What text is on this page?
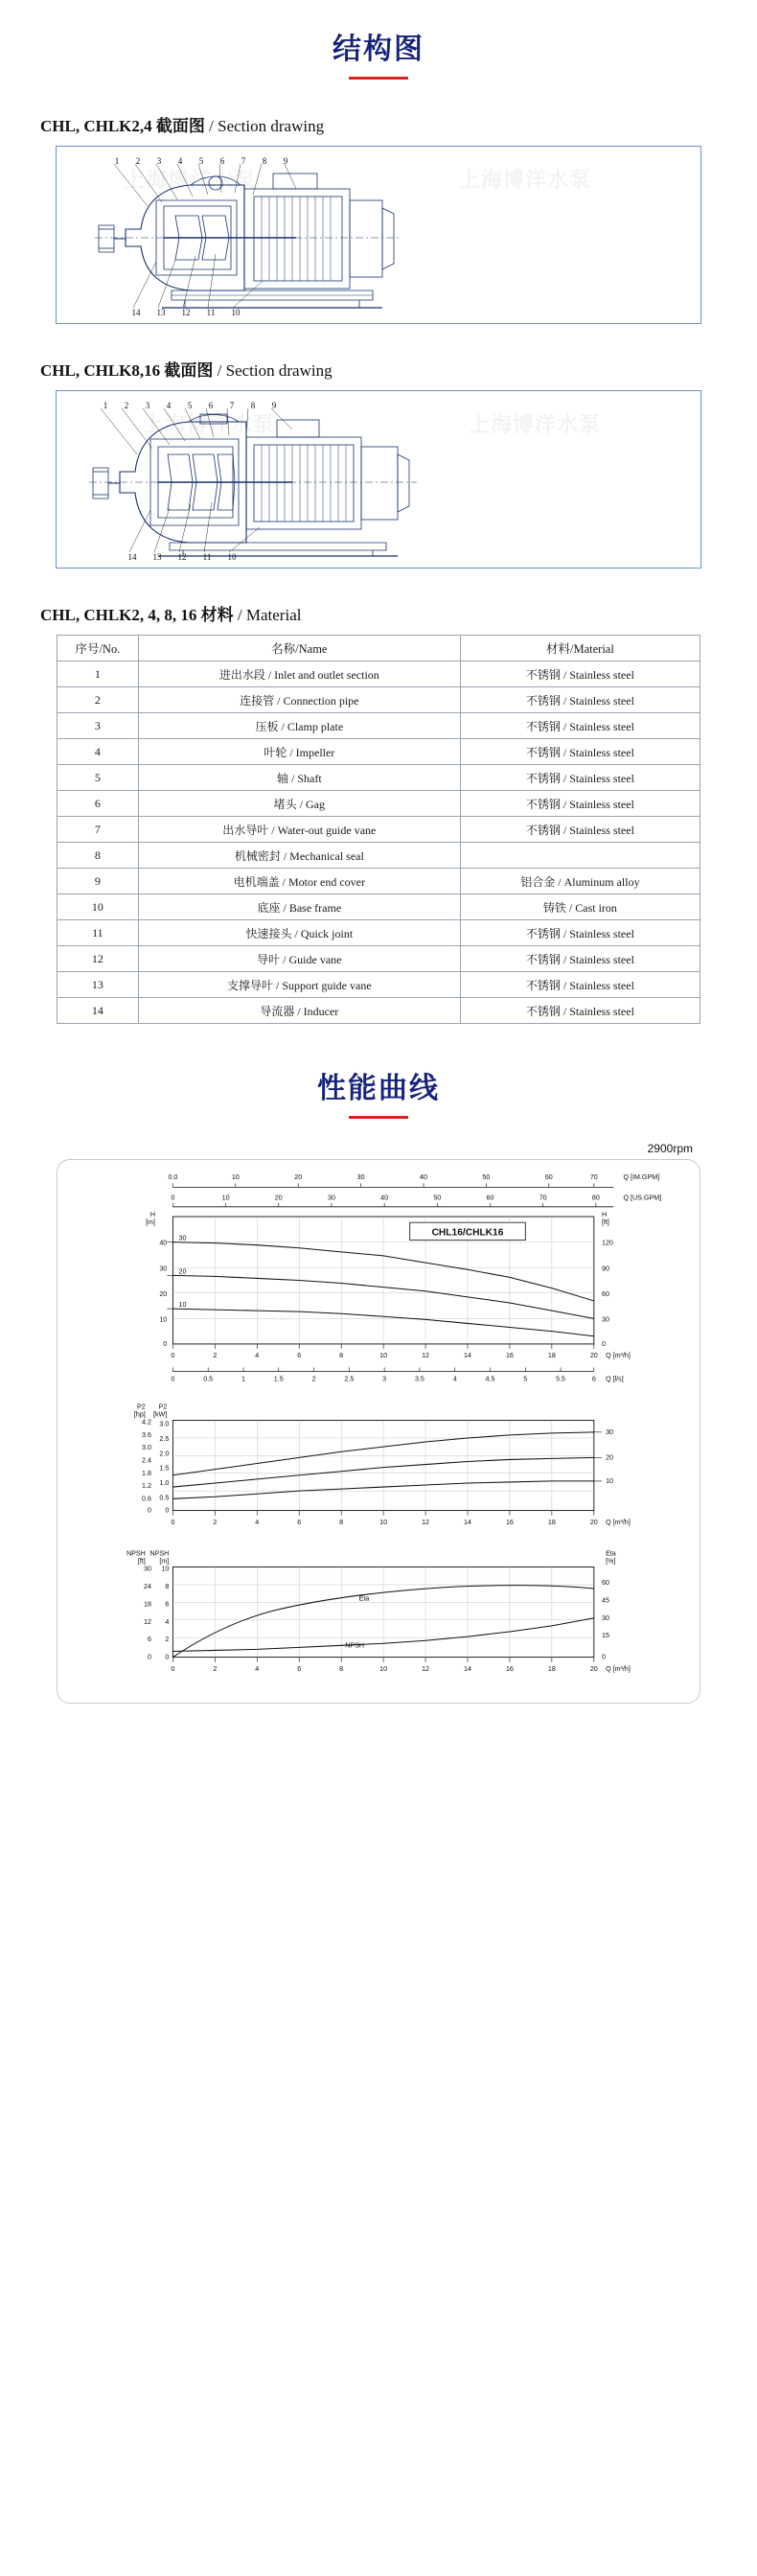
结构图
CHL, CHLK2,4 截面图 / Section drawing
上海博洋水泵	上海博洋水泵
1 2 3 4 5 6 7 8 9
14 13 12 11 10
CHL, CHLK8,16 截面图 / Section drawing
上海博洋水泵	上海博洋水泵
1 2 3 4 5 6 7 8 9
14 13 12 11 10
CHL, CHLK2, 4, 8, 16 材料 / Material
序号/No.	名称/Name	材料/Material
1	进出水段 / Inlet and outlet section	不锈钢 / Stainless steel
2	连接管 / Connection pipe	不锈钢 / Stainless steel
3	压板 / Clamp plate	不锈钢 / Stainless steel
4	叶轮 / Impeller	不锈钢 / Stainless steel
5	轴 / Shaft	不锈钢 / Stainless steel
6	堵头 / Gag	不锈钢 / Stainless steel
7	出水导叶 / Water-out guide vane	不锈钢 / Stainless steel
8	机械密封 / Mechanical seal	
9	电机端盖 / Motor end cover	铝合金 / Aluminum alloy
10	底座 / Base frame	铸铁 / Cast iron
11	快速接头 / Quick joint	不锈钢 / Stainless steel
12	导叶 / Guide vane	不锈钢 / Stainless steel
13	支撑导叶 / Support guide vane	不锈钢 / Stainless steel
14	导流器 / Inducer	不锈钢 / Stainless steel
性能曲线
2900rpm
0.0	10	20	30	40	50	60	70	Q [IM.GPM]
0	10	20	30	40	50	60	70	80	Q [US.GPM]
H
[m]
0
10
20
30
40
H
[ft]
0
30
60
90
120
30
20
10
CHL16/CHLK16
0	2	4	6	8	10	12	14	16	18	20 Q [m³/h]
0	0.5	1	1.5	2	2.5	3	3.5	4	4.5	5	5.5	6 Q [l/s]
P2
[hp]
P2
[kW]
4.2
3.6
3.0
2.4
1.8
1.2
0.6
0
3.0
2.5
2.0
1.5
1.0
0.5
0
30
20
10
0	2	4	6	8	10	12	14	16	18	20 Q [m³/h]
NPSH
[ft]
NPSH
[m]
Eta
[%]
30
24
18
12
6
0
10
8
6
4
2
0
60
45
30
15
0
Eta
NPSH
0	2	4	6	8	10	12	14	16	18	20 Q [m³/h]
